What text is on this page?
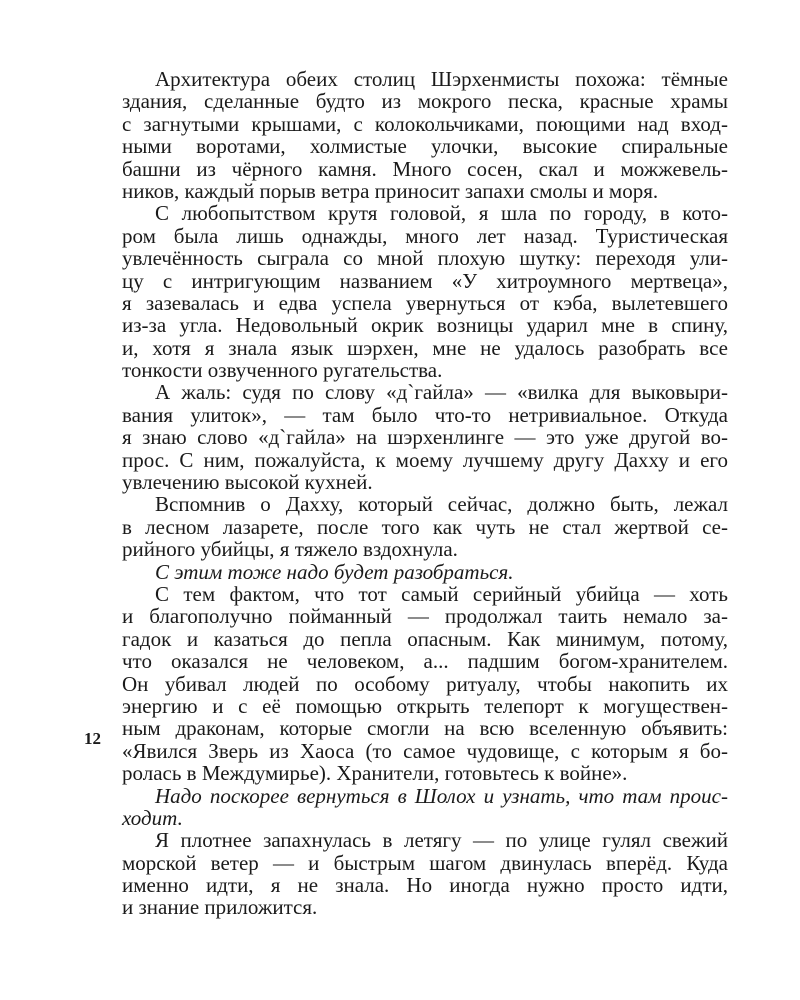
12
Архитектура обеих столиц Шэрхенмисты похожа: тёмные
здания, сделанные будто из мокрого песка, красные храмы
с загнутыми крышами, с колокольчиками, поющими над вход-
ными воротами, холмистые улочки, высокие спиральные
башни из чёрного камня. Много сосен, скал и можжевель-
ников, каждый порыв ветра приносит запахи смолы и моря.
С любопытством крутя головой, я шла по городу, в кото-
ром была лишь однажды, много лет назад. Туристическая
увлечённость сыграла со мной плохую шутку: переходя ули-
цу с интригующим названием «У хитроумного мертвеца»,
я зазевалась и едва успела увернуться от кэба, вылетевшего
из-за угла. Недовольный окрик возницы ударил мне в спину,
и, хотя я знала язык шэрхен, мне не удалось разобрать все
тонкости озвученного ругательства.
А жаль: судя по слову «д`гайла» — «вилка для выковыри-
вания улиток», — там было что-то нетривиальное. Откуда
я знаю слово «д`гайла» на шэрхенлинге — это уже другой во-
прос. С ним, пожалуйста, к моему лучшему другу Дахху и его
увлечению высокой кухней.
Вспомнив о Дахху, который сейчас, должно быть, лежал
в лесном лазарете, после того как чуть не стал жертвой се-
рийного убийцы, я тяжело вздохнула.
С этим тоже надо будет разобраться.
С тем фактом, что тот самый серийный убийца — хоть
и благополучно пойманный — продолжал таить немало за-
гадок и казаться до пепла опасным. Как минимум, потому,
что оказался не человеком, а... падшим богом-хранителем.
Он убивал людей по особому ритуалу, чтобы накопить их
энергию и с её помощью открыть телепорт к могуществен-
ным драконам, которые смогли на всю вселенную объявить:
«Явился Зверь из Хаоса (то самое чудовище, с которым я бо-
ролась в Междумирье). Хранители, готовьтесь к войне».
Надо поскорее вернуться в Шолох и узнать, что там проис-
ходит.
Я плотнее запахнулась в летягу — по улице гулял свежий
морской ветер — и быстрым шагом двинулась вперёд. Куда
именно идти, я не знала. Но иногда нужно просто идти,
и знание приложится.
